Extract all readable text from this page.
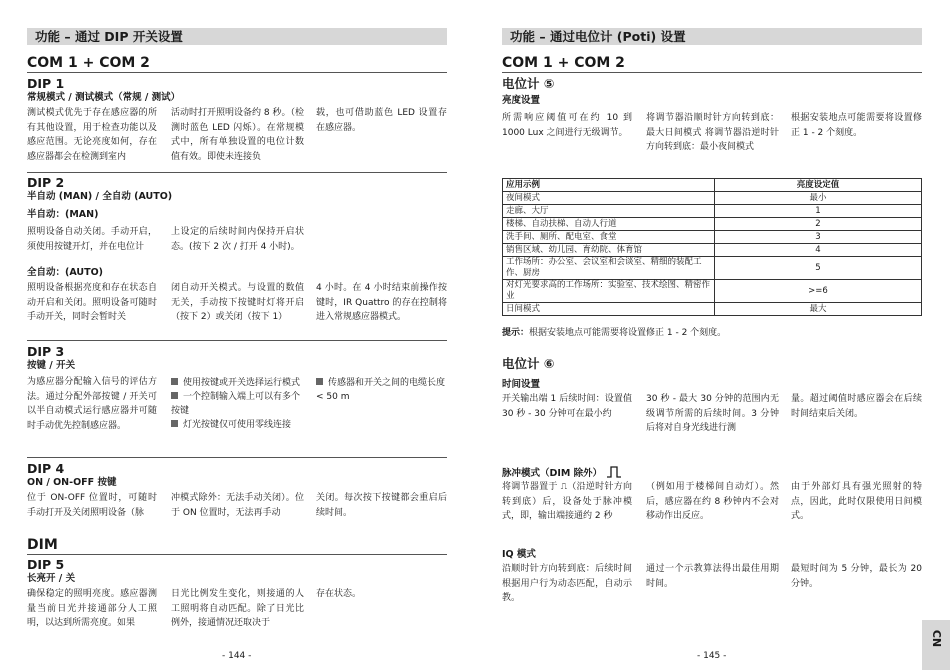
功能 – 通过 DIP 开关设置
COM 1 + COM 2
DIP 1
常规模式 / 测试模式（常规 / 测试）
测试模式优先于存在感应器的所有其他设置，用于检查功能以及感应范围。无论亮度如何，存在感应器都会在检测到室内
活动时打开照明设备约 8 秒。（检测时蓝色 LED 闪烁）。在常规模式中，所有单独设置的电位计数值有效。即使未连接负
载，也可借助蓝色 LED 设置存在感应器。
DIP 2
半自动 (MAN) / 全自动 (AUTO)
半自动：(MAN)
照明设备自动关闭。手动开启，须使用按键开灯，并在电位计
上设定的后续时间内保持开启状态。(按下 2 次 / 打开 4 小时)。
全自动：(AUTO)
照明设备根据亮度和存在状态自动开启和关闭。照明设备可随时手动开关，同时会暂时关
闭自动开关模式。与设置的数值无关，手动按下按键时灯将开启（按下 2）或关闭（按下 1）
4 小时。在 4 小时结束前操作按键时，IR Quattro 的存在控制将进入常规感应器模式。
DIP 3
按键 / 开关
为感应器分配输入信号的评估方法。通过分配外部按键 / 开关可以半自动模式运行感应器并可随时手动优先控制感应器。
使用按键或开关选择运行模式
一个控制输入端上可以有多个按键
灯光按键仅可使用零线连接
传感器和开关之间的电缆长度 < 50 m
DIP 4
ON / ON-OFF 按键
位于 ON-OFF 位置时，可随时手动打开及关闭照明设备（脉
冲模式除外：无法手动关闭）。位于 ON 位置时，无法再手动
关闭。每次按下按键都会重启后续时间。
DIM
DIP 5
长亮开 / 关
确保稳定的照明亮度。感应器测量当前日光并接通部分人工照明，以达到所需亮度。如果
日光比例发生变化，则接通的人工照明将自动匹配。除了日光比例外，接通情况还取决于
存在状态。
- 144 -
功能 – 通过电位计 (Poti) 设置
COM 1 + COM 2
电位计 ⑤
亮度设置
所需响应阈值可在约 10 到 1000 Lux 之间进行无级调节。
将调节器沿顺时针方向转到底：最大日间模式 将调节器沿逆时针方向转到底：最小夜间模式
根据安装地点可能需要将设置修正 1 - 2 个刻度。
应用示例	亮度设定值
夜间模式	最小
走廊、大厅	1
楼梯、自动扶梯、自动人行道	2
洗手间、厕所、配电室、食堂	3
销售区域、幼儿园、育幼院、体育馆	4
工作场所：办公室、会议室和会谈室、精细的装配工作、厨房	5
对灯光要求高的工作场所：实验室、技术绘图、精密作业	>=6
日间模式	最大
提示：根据安装地点可能需要将设置修正 1 - 2 个刻度。
电位计 ⑥
时间设置
开关输出端 1 后续时间：设置值 30 秒 - 30 分钟可在最小约
30 秒 - 最大 30 分钟的范围内无级调节所需的后续时间。3 分钟后将对自身光线进行测
量。超过阈值时感应器会在后续时间结束后关闭。
脉冲模式（DIM 除外）
将调节器置于 ⎍（沿逆时针方向转到底）后，设备处于脉冲模式，即，输出端接通约 2 秒
（例如用于楼梯间自动灯）。然后，感应器在约 8 秒钟内不会对移动作出反应。
由于外部灯具有强光照射的特点，因此，此时仅限使用日间模式。
IQ 模式
沿顺时针方向转到底：后续时间根据用户行为动态匹配，自动示教。
通过一个示教算法得出最佳用期时间。
最短时间为 5 分钟，最长为 20 分钟。
- 145 -
CN
